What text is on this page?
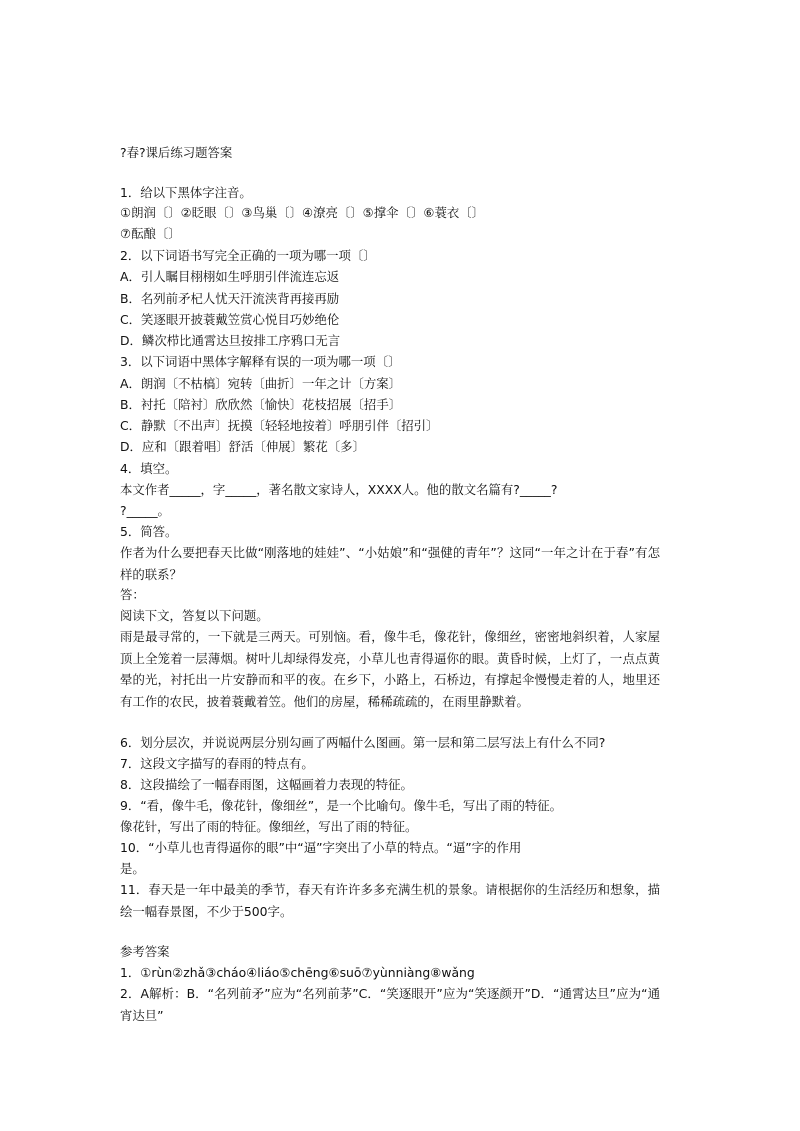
?春?课后练习题答案
1．给以下黑体字注音。
①朗润〔〕②眨眼〔〕③鸟巢〔〕④潦亮〔〕⑤撑伞〔〕⑥蓑衣〔〕
⑦酝酿〔〕
2．以下词语书写完全正确的一项为哪一项〔〕
A．引人瞩目栩栩如生呼朋引伴流连忘返
B．名列前矛杞人忧天汗流浃背再接再励
C．笑逐眼开披蓑戴笠赏心悦目巧妙绝伦
D．鳞次栉比通霄达旦按排工序鸦口无言
3．以下词语中黑体字解释有误的一项为哪一项〔〕
A．朗润〔不枯槁〕宛转〔曲折〕一年之计〔方案〕
B．衬托〔陪衬〕欣欣然〔愉快〕花枝招展〔招手〕
C．静默〔不出声〕抚摸〔轻轻地按着〕呼朋引伴〔招引〕
D．应和〔跟着唱〕舒活〔伸展〕繁花〔多〕
4．填空。
本文作者_____，字_____，著名散文家诗人，XXXX人。他的散文名篇有?_____?
?_____。
5．简答。
作者为什么要把春天比做“刚落地的娃娃”、“小姑娘”和“强健的青年”？这同“一年之计在于春”有怎样的联系？
答：
阅读下文，答复以下问题。
雨是最寻常的，一下就是三两天。可别恼。看，像牛毛，像花针，像细丝，密密地斜织着，人家屋顶上全笼着一层薄烟。树叶儿却绿得发亮，小草儿也青得逼你的眼。黄昏时候，上灯了，一点点黄晕的光，衬托出一片安静而和平的夜。在乡下，小路上，石桥边，有撑起伞慢慢走着的人，地里还有工作的农民，披着蓑戴着笠。他们的房屋，稀稀疏疏的，在雨里静默着。
6．划分层次，并说说两层分别勾画了两幅什么图画。第一层和第二层写法上有什么不同?
7．这段文字描写的春雨的特点有。
8．这段描绘了一幅春雨图，这幅画着力表现的特征。
9．“看，像牛毛，像花针，像细丝”，是一个比喻句。像牛毛，写出了雨的特征。
像花针，写出了雨的特征。像细丝，写出了雨的特征。
10．“小草儿也青得逼你的眼”中“逼”字突出了小草的特点。“逼”字的作用
是。
11．春天是一年中最美的季节，春天有许许多多充满生机的景象。请根据你的生活经历和想象，描绘一幅春景图，不少于500字。
参考答案
1．①rùn②zhǎ③cháo④liáo⑤chēng⑥suō⑦yùnniàng⑧wǎng
2．A解析：B．“名列前矛”应为“名列前茅”C．“笑逐眼开”应为“笑逐颜开”D．“通霄达旦”应为“通宵达旦”
